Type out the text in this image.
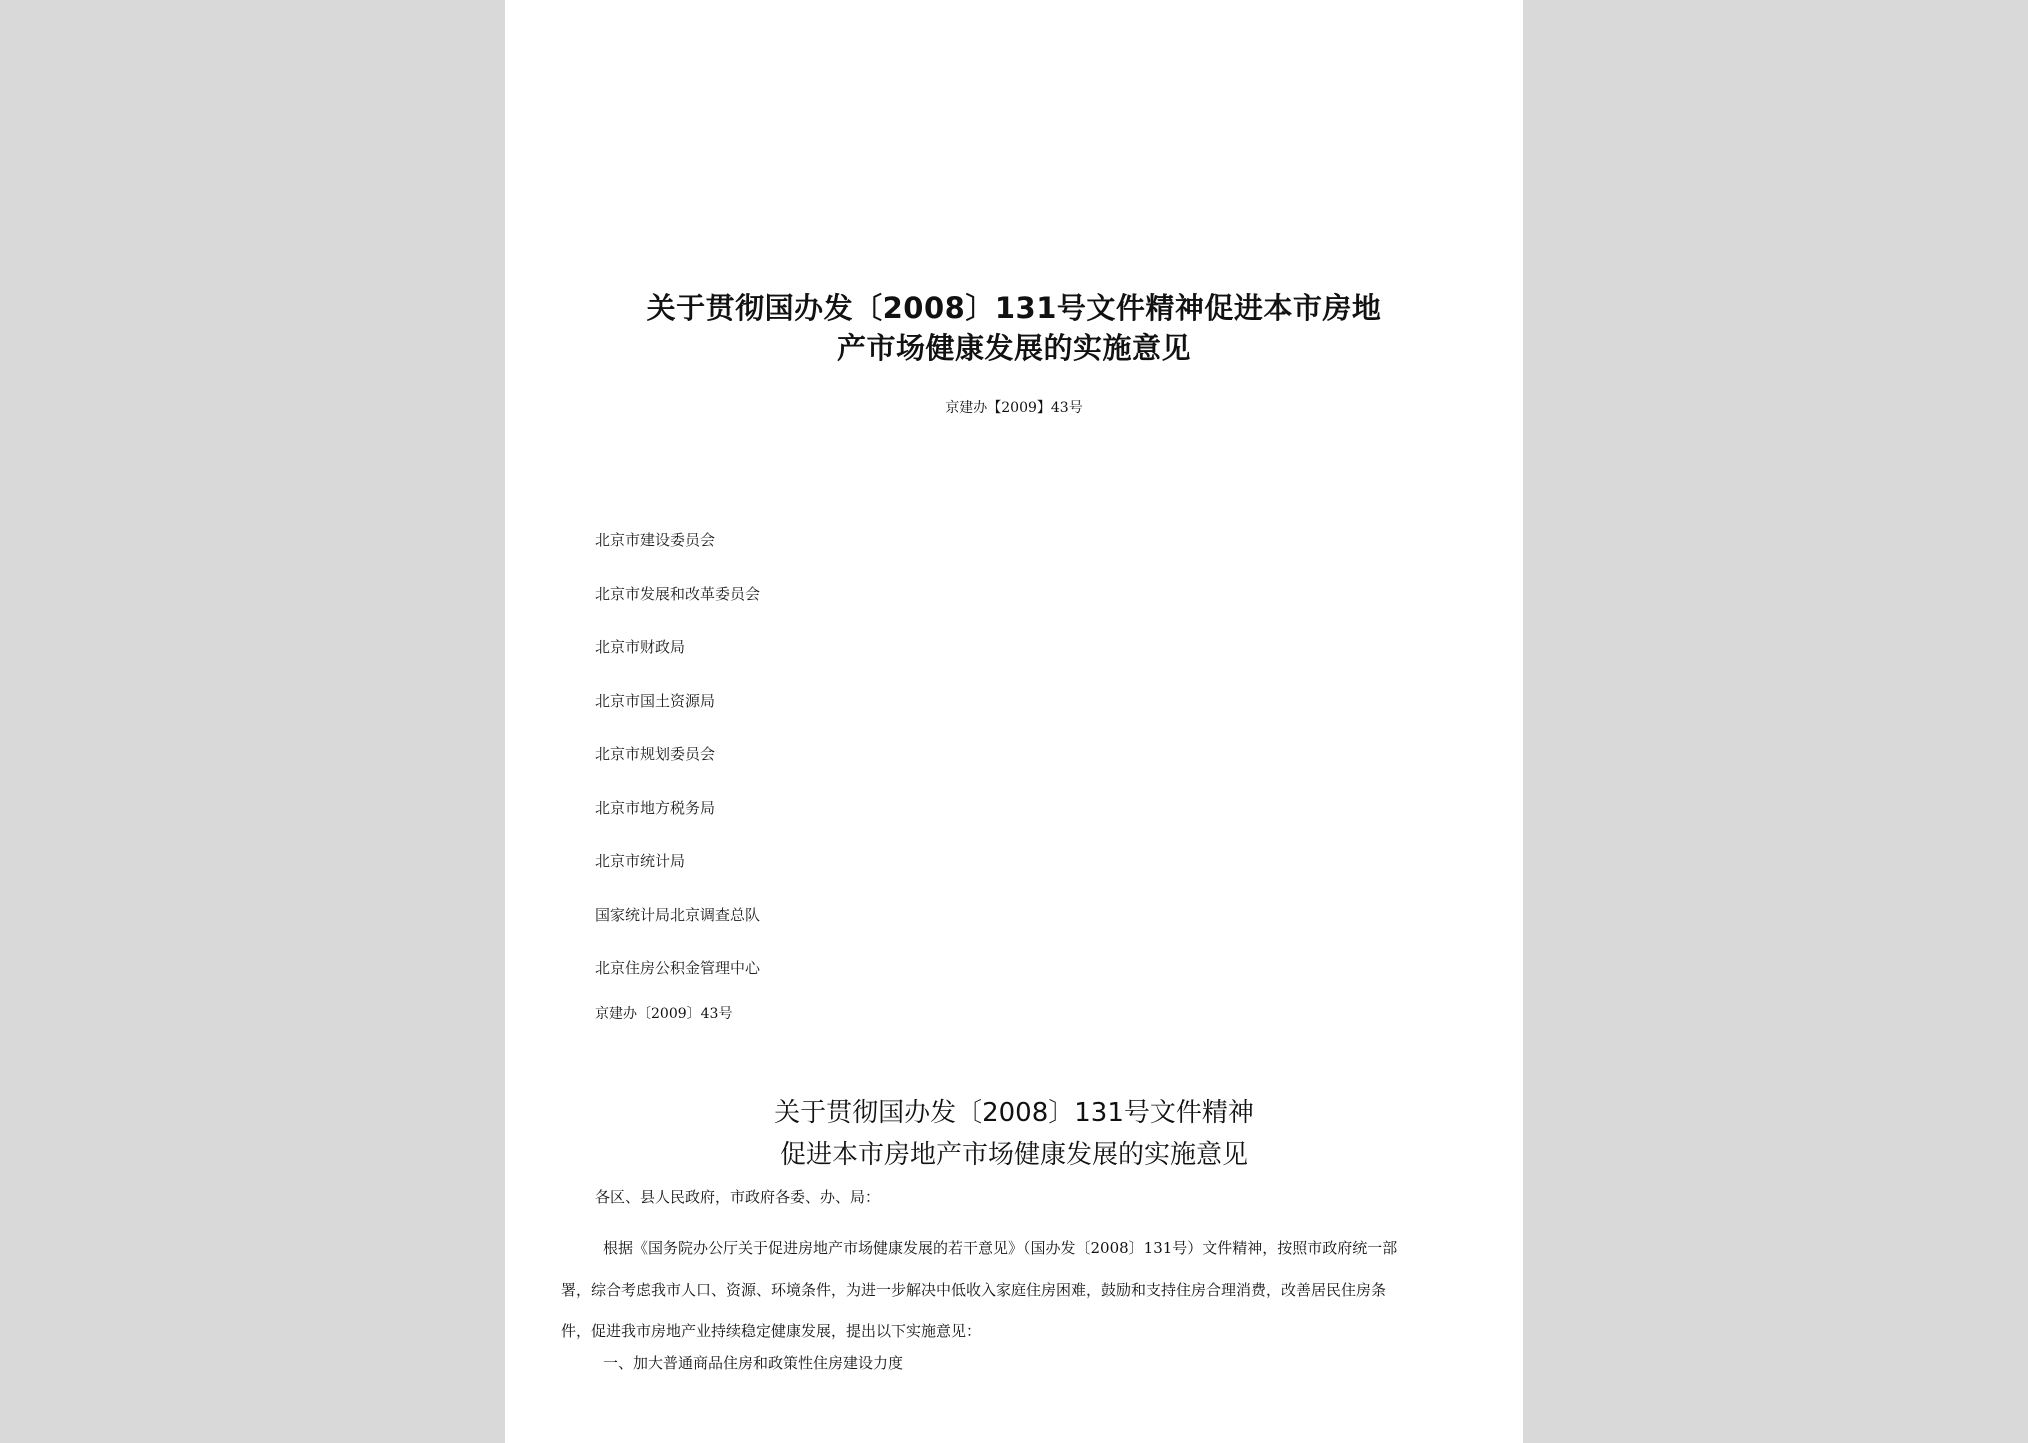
关于贯彻国办发〔2008〕131号文件精神促进本市房地
产市场健康发展的实施意见
京建办【2009】43号
北京市建设委员会
北京市发展和改革委员会
北京市财政局
北京市国土资源局
北京市规划委员会
北京市地方税务局
北京市统计局
国家统计局北京调查总队
北京住房公积金管理中心
京建办〔2009〕43号
关于贯彻国办发〔2008〕131号文件精神
促进本市房地产市场健康发展的实施意见
各区、县人民政府，市政府各委、办、局：
根据《国务院办公厅关于促进房地产市场健康发展的若干意见》（国办发〔2008〕131号）文件精神，按照市政府统一部
署，综合考虑我市人口、资源、环境条件，为进一步解决中低收入家庭住房困难，鼓励和支持住房合理消费，改善居民住房条
件，促进我市房地产业持续稳定健康发展，提出以下实施意见：
一、加大普通商品住房和政策性住房建设力度
